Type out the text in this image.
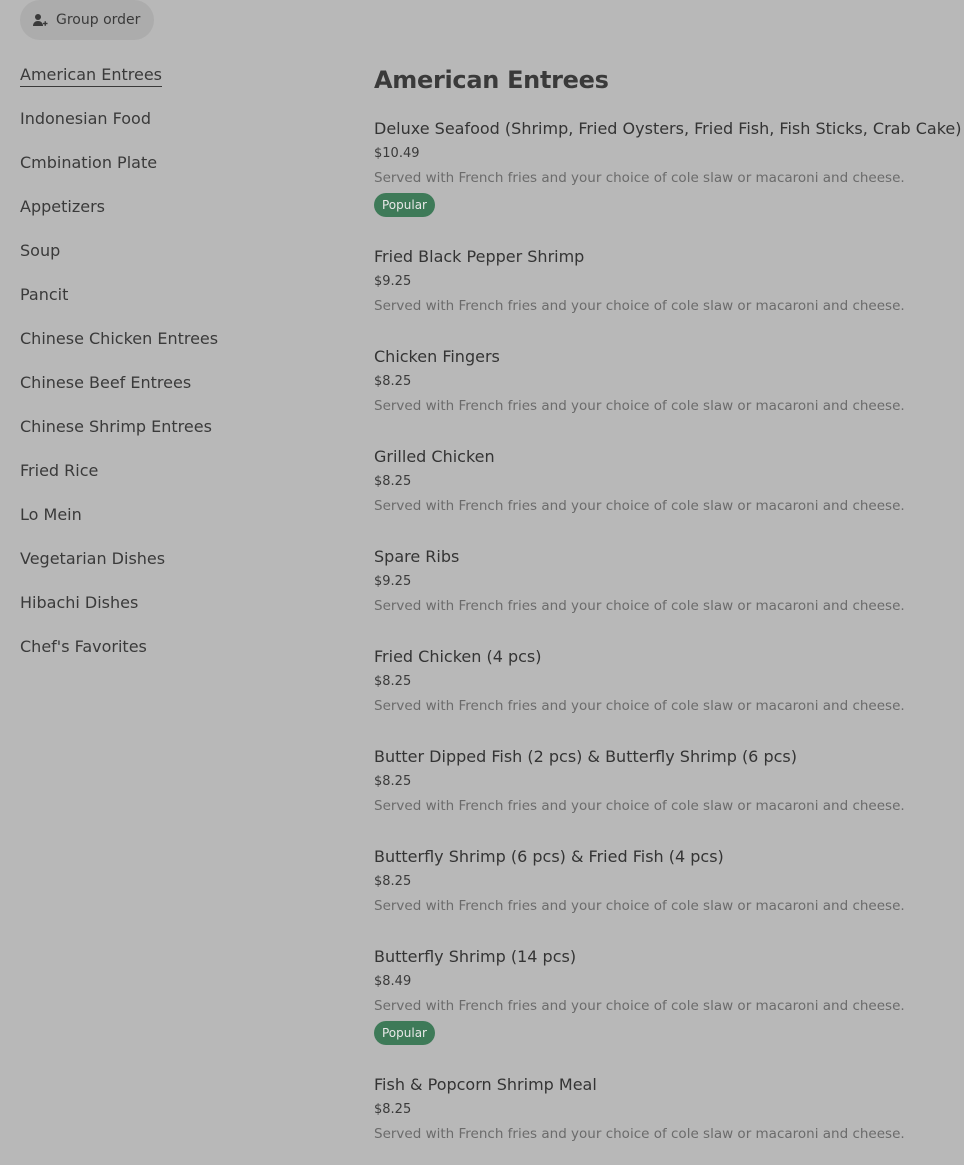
Group order
American Entrees
Indonesian Food
Cmbination Plate
Appetizers
Soup
Pancit
Chinese Chicken Entrees
Chinese Beef Entrees
Chinese Shrimp Entrees
Fried Rice
Lo Mein
Vegetarian Dishes
Hibachi Dishes
Chef's Favorites
American Entrees
Deluxe Seafood (Shrimp, Fried Oysters, Fried Fish, Fish Sticks, Crab Cake)
$10.49
Served with French fries and your choice of cole slaw or macaroni and cheese.
Popular
Fried Black Pepper Shrimp
$9.25
Served with French fries and your choice of cole slaw or macaroni and cheese.
Chicken Fingers
$8.25
Served with French fries and your choice of cole slaw or macaroni and cheese.
Grilled Chicken
$8.25
Served with French fries and your choice of cole slaw or macaroni and cheese.
Spare Ribs
$9.25
Served with French fries and your choice of cole slaw or macaroni and cheese.
Fried Chicken (4 pcs)
$8.25
Served with French fries and your choice of cole slaw or macaroni and cheese.
Butter Dipped Fish (2 pcs) & Butterfly Shrimp (6 pcs)
$8.25
Served with French fries and your choice of cole slaw or macaroni and cheese.
Butterfly Shrimp (6 pcs) & Fried Fish (4 pcs)
$8.25
Served with French fries and your choice of cole slaw or macaroni and cheese.
Butterfly Shrimp (14 pcs)
$8.49
Served with French fries and your choice of cole slaw or macaroni and cheese.
Popular
Fish & Popcorn Shrimp Meal
$8.25
Served with French fries and your choice of cole slaw or macaroni and cheese.
